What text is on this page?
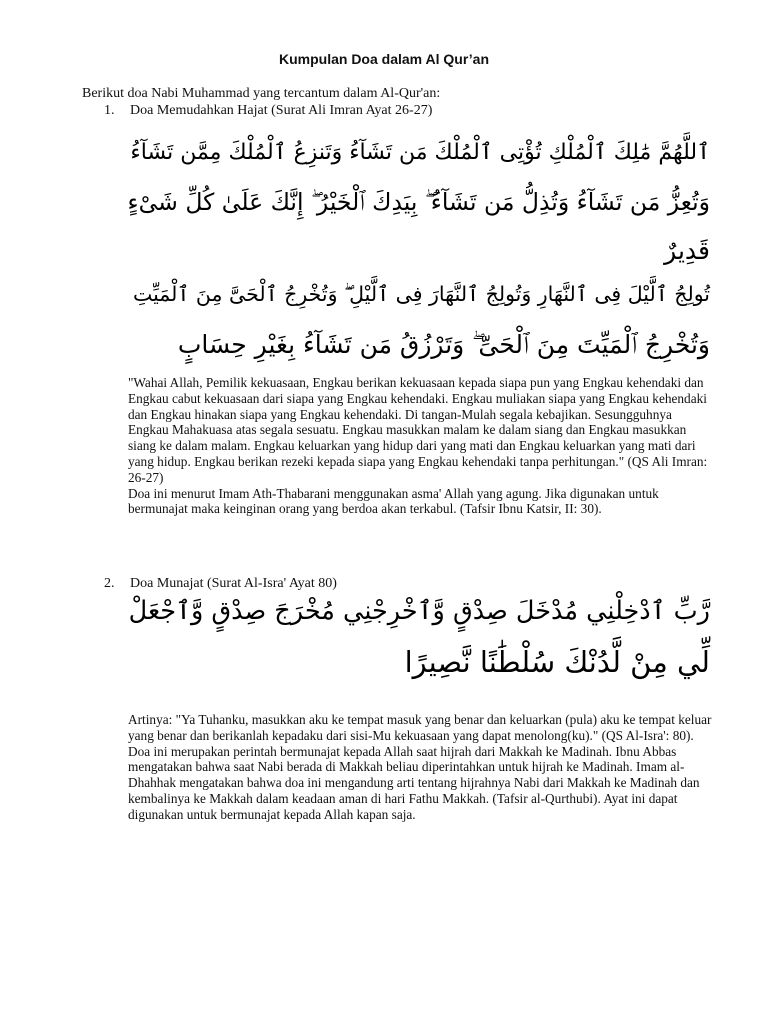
Kumpulan Doa dalam Al Qur’an
Berikut doa Nabi Muhammad yang tercantum dalam Al-Qur'an:
1. Doa Memudahkan Hajat (Surat Ali Imran Ayat 26-27)
ٱللَّهُمَّ مَٰلِكَ ٱلْمُلْكِ تُؤْتِى ٱلْمُلْكَ مَن تَشَآءُ وَتَنزِعُ ٱلْمُلْكَ مِمَّن تَشَآءُ
وَتُعِزُّ مَن تَشَآءُ وَتُذِلُّ مَن تَشَآءُ ۖ بِيَدِكَ ٱلْخَيْرُ ۖ إِنَّكَ عَلَىٰ كُلِّ شَىْءٍ
قَدِيرٌ
تُولِجُ ٱلَّيْلَ فِى ٱلنَّهَارِ وَتُولِجُ ٱلنَّهَارَ فِى ٱلَّيْلِ ۖ وَتُخْرِجُ ٱلْحَىَّ مِنَ ٱلْمَيِّتِ
وَتُخْرِجُ ٱلْمَيِّتَ مِنَ ٱلْحَىِّ ۖ وَتَرْزُقُ مَن تَشَآءُ بِغَيْرِ حِسَابٍ

"Wahai Allah, Pemilik kekuasaan, Engkau berikan kekuasaan kepada siapa pun yang Engkau kehendaki dan Engkau cabut kekuasaan dari siapa yang Engkau kehendaki. Engkau muliakan siapa yang Engkau kehendaki dan Engkau hinakan siapa yang Engkau kehendaki. Di tangan-Mulah segala kebajikan. Sesungguhnya Engkau Mahakuasa atas segala sesuatu. Engkau masukkan malam ke dalam siang dan Engkau masukkan siang ke dalam malam. Engkau keluarkan yang hidup dari yang mati dan Engkau keluarkan yang mati dari yang hidup. Engkau berikan rezeki kepada siapa yang Engkau kehendaki tanpa perhitungan." (QS Ali Imran: 26-27)

Doa ini menurut Imam Ath-Thabarani menggunakan asma' Allah yang agung. Jika digunakan untuk bermunajat maka keinginan orang yang berdoa akan terkabul. (Tafsir Ibnu Katsir, II: 30).

2. Doa Munajat (Surat Al-Isra' Ayat 80)
رَّبِّ ٱدْخِلْنِي مُدْخَلَ صِدْقٍ وَّٱخْرِجْنِي مُخْرَجَ صِدْقٍ وَّٱجْعَلْ
لِّي مِنْ لَّدُنْكَ سُلْطَٰنًا نَّصِيرًا

Artinya: "Ya Tuhanku, masukkan aku ke tempat masuk yang benar dan keluarkan (pula) aku ke tempat keluar yang benar dan berikanlah kepadaku dari sisi-Mu kekuasaan yang dapat menolong(ku)." (QS Al-Isra': 80).

Doa ini merupakan perintah bermunajat kepada Allah saat hijrah dari Makkah ke Madinah. Ibnu Abbas mengatakan bahwa saat Nabi berada di Makkah beliau diperintahkan untuk hijrah ke Madinah. Imam al-Dhahhak mengatakan bahwa doa ini mengandung arti tentang hijrahnya Nabi dari Makkah ke Madinah dan kembalinya ke Makkah dalam keadaan aman di hari Fathu Makkah. (Tafsir al-Qurthubi). Ayat ini dapat digunakan untuk bermunajat kepada Allah kapan saja.
